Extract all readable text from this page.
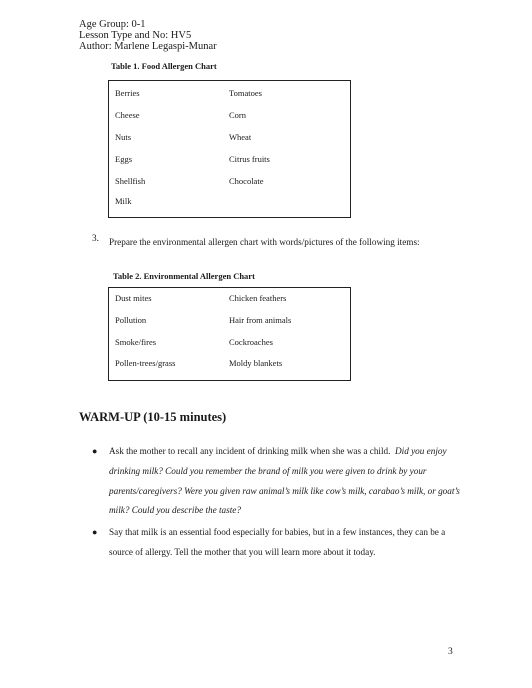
Age Group: 0-1
Lesson Type and No: HV5
Author: Marlene Legaspi-Munar
Table 1. Food Allergen Chart
Berries
Cheese
Nuts
Eggs
Shellfish
Milk
Tomatoes
Corn
Wheat
Citrus fruits
Chocolate
3. Prepare the environmental allergen chart with words/pictures of the following items:
Table 2. Environmental Allergen Chart
Dust mites
Pollution
Smoke/fires
Pollen-trees/grass
Chicken feathers
Hair from animals
Cockroaches
Moldy blankets
WARM-UP (10-15 minutes)
● Ask the mother to recall any incident of drinking milk when she was a child. Did you enjoy drinking milk? Could you remember the brand of milk you were given to drink by your parents/caregivers? Were you given raw animal’s milk like cow’s milk, carabao’s milk, or goat’s milk? Could you describe the taste?
● Say that milk is an essential food especially for babies, but in a few instances, they can be a source of allergy. Tell the mother that you will learn more about it today.
3
